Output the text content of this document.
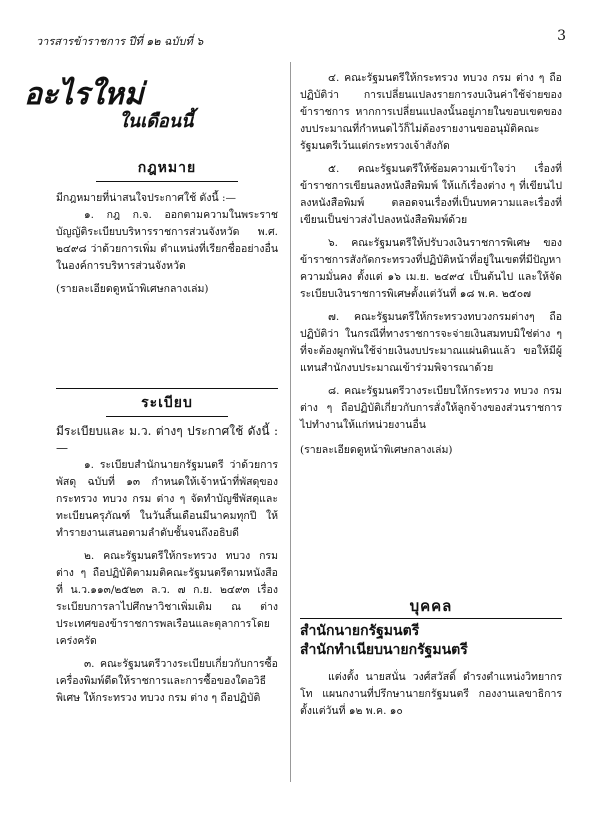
วารสารข้าราชการ ปีที่ ๑๒ ฉบับที่ ๖	3
อะไรใหม่
ในเดือนนี้
กฎหมาย

มีกฎหมายที่น่าสนใจประกาศใช้ ดังนี้ :—

๑. กฎ ก.จ. ออกตามความในพระราชบัญญัติระเบียบบริหารราชการส่วนจังหวัด พ.ศ. ๒๔๙๘ ว่าด้วยการเพิ่ม ตำแหน่งที่เรียกชื่ออย่างอื่น ในองค์การบริหารส่วนจังหวัด

(รายละเอียดดูหน้าพิเศษกลางเล่ม)

ระเบียบ

มีระเบียบและ ม.ว. ต่างๆ ประกาศใช้ ดังนี้ :—

๑. ระเบียบสำนักนายกรัฐมนตรี ว่าด้วยการพัสดุ ฉบับที่ ๑๓ กำหนดให้เจ้าหน้าที่พัสดุของกระทรวง ทบวง กรม ต่าง ๆ จัดทำบัญชีพัสดุและทะเบียนครุภัณฑ์ ในวันสิ้นเดือนมีนาคมทุกปี ให้ทำรายงานเสนอตามลำดับชั้นจนถึงอธิบดี

๒. คณะรัฐมนตรีให้กระทรวง ทบวง กรมต่าง ๆ ถือปฏิบัติตามมติคณะรัฐมนตรีตามหนังสือที่ น.ว.๑๑๓/๒๕๒๓ ล.ว. ๗ ก.ย. ๒๔๙๓ เรื่องระเบียบการลาไปศึกษาวิชาเพิ่มเติม ณ ต่างประเทศของข้าราชการพลเรือนและตุลาการโดยเคร่งครัด

๓. คณะรัฐมนตรีวางระเบียบเกี่ยวกับการซื้อเครื่องพิมพ์ดีดให้ราชการและการซื้อของใดอวิธีพิเศษ ให้กระทรวง ทบวง กรม ต่าง ๆ ถือปฏิบัติ

๔. คณะรัฐมนตรีให้กระทรวง ทบวง กรม ต่าง ๆ ถือปฏิบัติว่า การเปลี่ยนแปลงรายการงบเงินค่าใช้จ่ายของข้าราชการ หากการเปลี่ยนแปลงนั้นอยู่ภายในขอบเขตของงบประมาณที่กำหนดไว้ก็ไม่ต้องรายงานขออนุมัติคณะรัฐมนตรีเว้นแต่กระทรวงเจ้าสังกัด

๕. คณะรัฐมนตรีให้ซ้อมความเข้าใจว่า เรื่องที่ข้าราชการเขียนลงหนังสือพิมพ์ ให้แก้เรื่องต่าง ๆ ที่เขียนไปลงหนังสือพิมพ์ ตลอดจนเรื่องที่เป็นบทความและเรื่องที่เขียนเป็นข่าวส่งไปลงหนังสือพิมพ์ด้วย

๖. คณะรัฐมนตรีให้ปรับวงเงินราชการพิเศษ ของข้าราชการสังกัดกระทรวงที่ปฏิบัติหน้าที่อยู่ในเขตที่มีปัญหาความมั่นคง ตั้งแต่ ๑๖ เม.ย. ๒๔๙๔ เป็นต้นไป และให้จัดระเบียบเงินราชการพิเศษตั้งแต่วันที่ ๑๘ พ.ค. ๒๕๐๗

๗. คณะรัฐมนตรีให้กระทรวงทบวงกรมต่างๆ ถือปฏิบัติว่า ในกรณีที่ทางราชการจะจ่ายเงินสมทบมิใช่ต่าง ๆ ที่จะต้องผูกพันใช้จ่ายเงินงบประมาณแผ่นดินแล้ว ขอให้มีผู้แทนสำนักงบประมาณเข้าร่วมพิจารณาด้วย

๘. คณะรัฐมนตรีวางระเบียบให้กระทรวง ทบวง กรมต่าง ๆ ถือปฏิบัติเกี่ยวกับการสั่งให้ลูกจ้างของส่วนราชการไปทำงานให้แก่หน่วยงานอื่น

(รายละเอียดดูหน้าพิเศษกลางเล่ม)

บุคคล
สำนักนายกรัฐมนตรี
สำนักทำเนียบนายกรัฐมนตรี

แต่งตั้ง นายสนั่น วงศ์สวัสดิ์ ดำรงตำแหน่งวิทยากรโท แผนกงานที่ปรึกษานายกรัฐมนตรี กองงานเลขาธิการ ตั้งแต่วันที่ ๑๒ พ.ค. ๑๐
